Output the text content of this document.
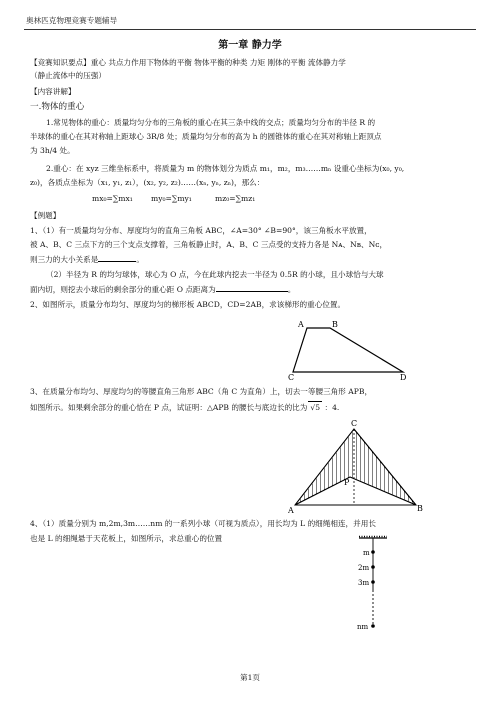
奥林匹克物理竞赛专题辅导
第一章 静力学
【竞赛知识要点】重心 共点力作用下物体的平衡 物体平衡的种类 力矩 刚体的平衡 流体静力学
（静止流体中的压强）
【内容讲解】
一.物体的重心
1.常见物体的重心：质量均匀分布的三角板的重心在其三条中线的交点；质量均匀分布的半径 R 的
半球体的重心在其对称轴上距球心 3R/8 处；质量均匀分布的高为 h 的圆锥体的重心在其对称轴上距顶点
为 3h/4 处。
2.重心：在 xyz 三维坐标系中，将质量为 m 的物体划分为质点 m₁，m₂，m₃……mₙ 设重心坐标为(x₀, y₀,
z₀)，各质点坐标为（x₁, y₁, z₁），(x₂, y₂, z₂)……(xₙ, yₙ, zₙ)，那么：
mx₀=∑mx₁	my₀=∑my₁	mz₀=∑mz₁
【例题】
1、（1）有一质量均匀分布、厚度均匀的直角三角板 ABC，∠A=30° ∠B=90°，该三角板水平放置，
被 A、B、C 三点下方的三个支点支撑着，三角板静止时，A、B、C 三点受的支持力各是 Nᴀ、Nʙ、Nᴄ，
则三力的大小关系是	。
（2）半径为 R 的均匀球体，球心为 O 点，今在此球内挖去一半径为 0.5R 的小球，且小球恰与大球
面内切，则挖去小球后的剩余部分的重心距 O 点距离为	。
2、如图所示，质量分布均匀、厚度均匀的梯形板 ABCD，CD=2AB，求该梯形的重心位置。
A	B
C	D
3、在质量分布均匀、厚度均匀的等腰直角三角形 ABC（角 C 为直角）上，切去一等腰三角形 APB，
如图所示。如果剩余部分的重心恰在 P 点，试证明：△APB 的腰长与底边长的比为 √5 ：4.
C
P
A	B
4、（1）质量分别为 m,2m,3m……nm 的一系列小球（可视为质点），用长均为 L 的细绳相连，并用长
也是 L 的细绳悬于天花板上，如图所示，求总重心的位置
m
2m
3m
nm
第1页
